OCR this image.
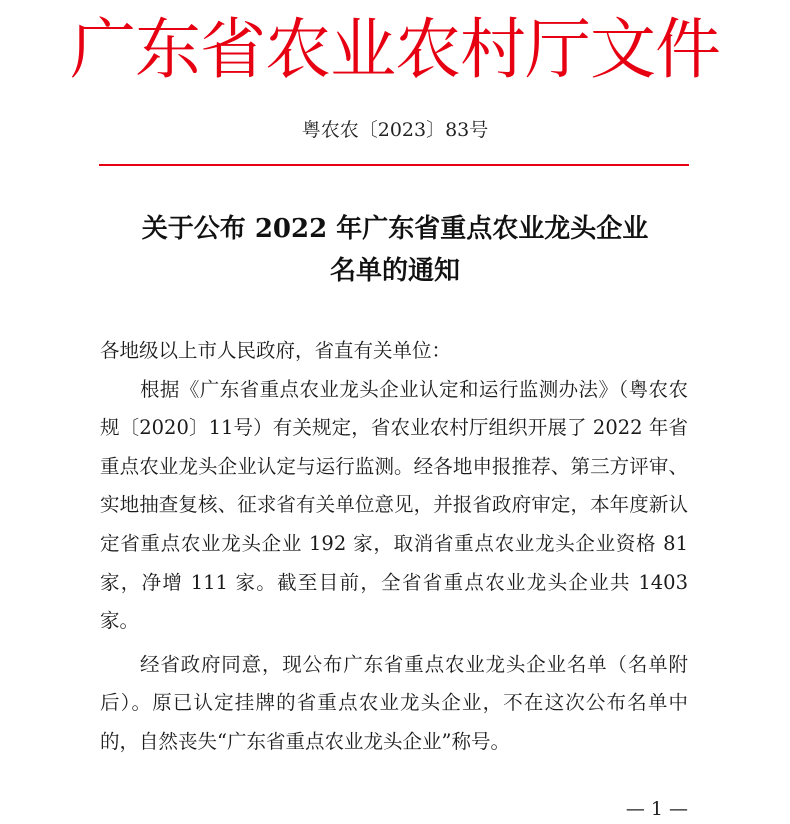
广东省农业农村厅文件
粤农农〔2023〕83号
关于公布 2022 年广东省重点农业龙头企业
名单的通知

各地级以上市人民政府，省直有关单位：

根据《广东省重点农业龙头企业认定和运行监测办法》（粤农农规〔2020〕11号）有关规定，省农业农村厅组织开展了 2022 年省重点农业龙头企业认定与运行监测。经各地申报推荐、第三方评审、实地抽查复核、征求省有关单位意见，并报省政府审定，本年度新认定省重点农业龙头企业 192 家，取消省重点农业龙头企业资格 81 家，净增 111 家。截至目前，全省省重点农业龙头企业共 1403 家。

经省政府同意，现公布广东省重点农业龙头企业名单（名单附后）。原已认定挂牌的省重点农业龙头企业，不在这次公布名单中的，自然丧失“广东省重点农业龙头企业”称号。

— 1 —
